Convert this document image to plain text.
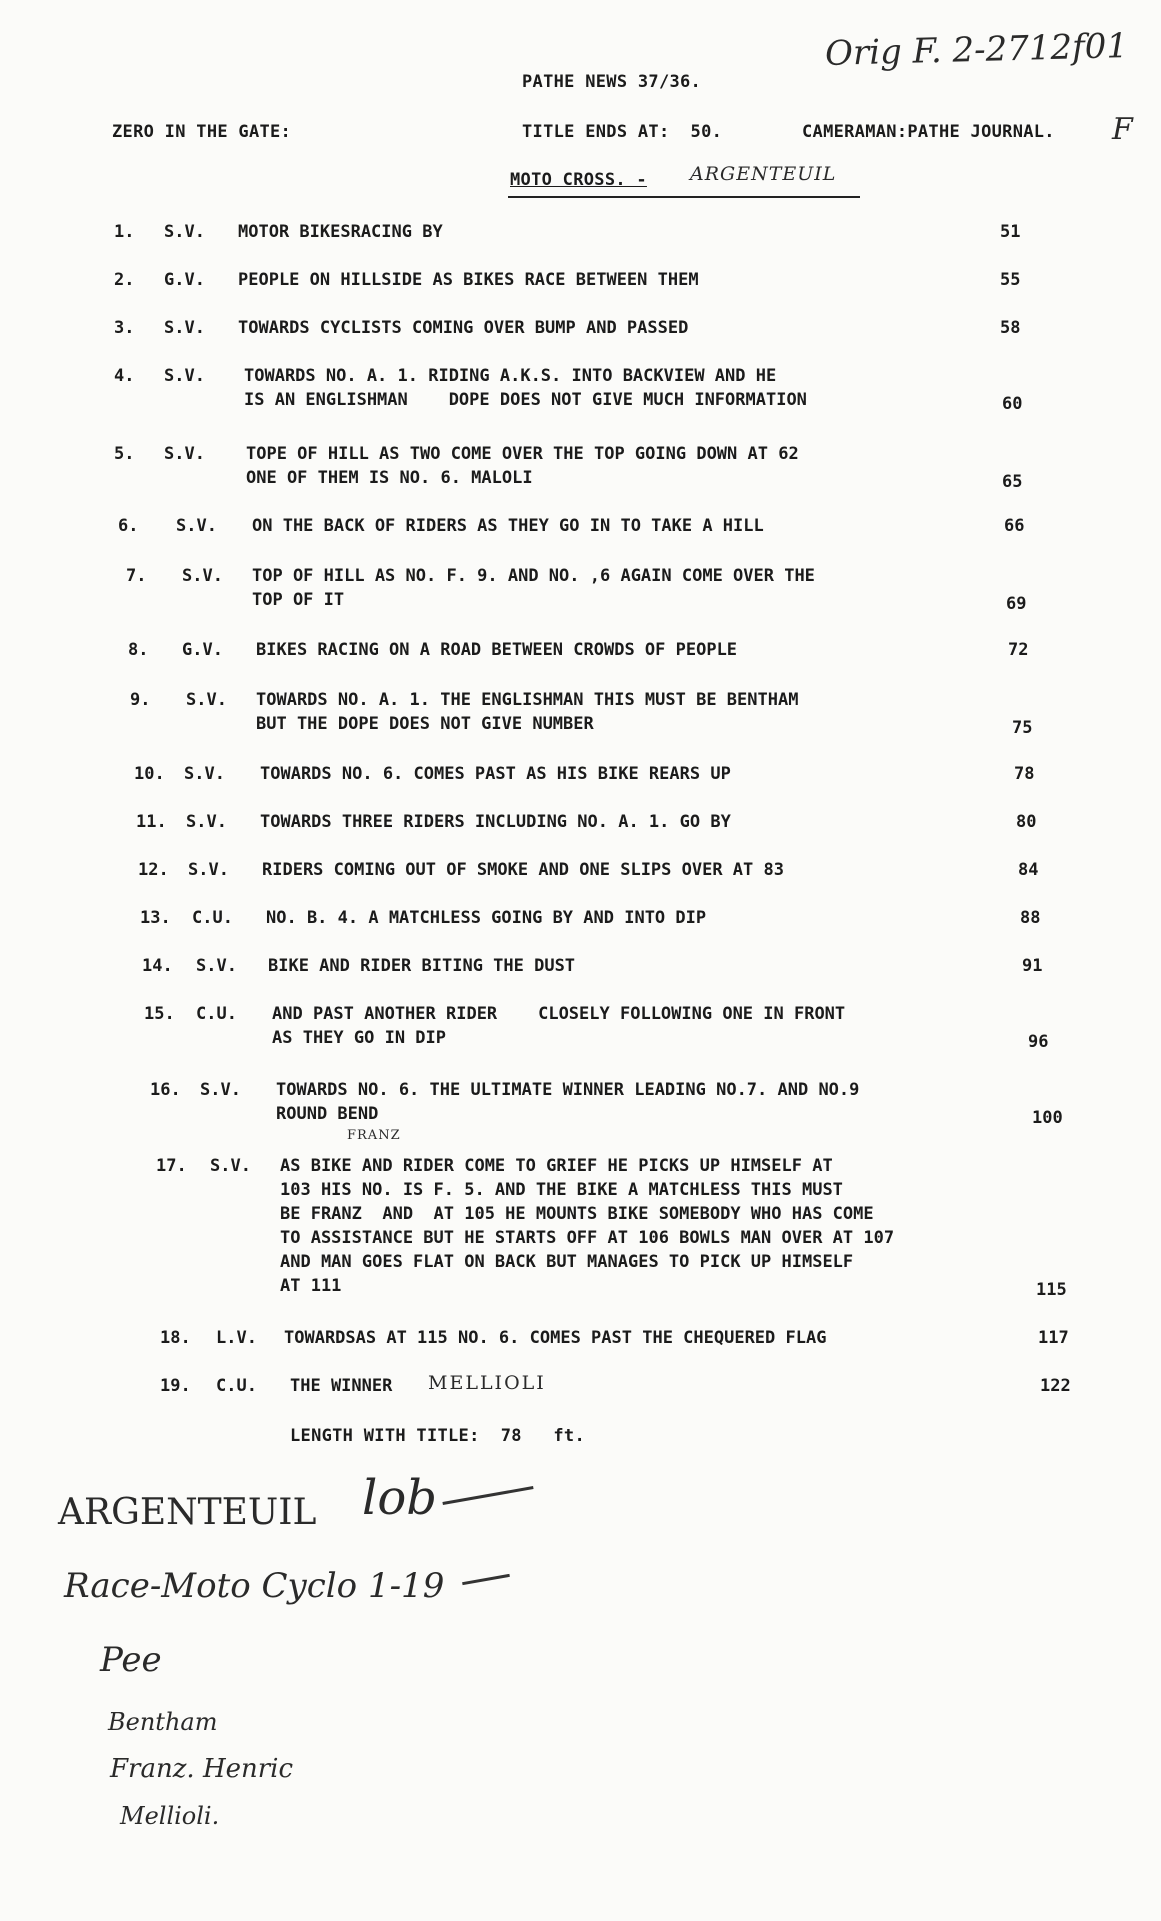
Orig F. 2-2712f01
PATHE NEWS 37/36.
ZERO IN THE GATE:	TITLE ENDS AT:  50.	CAMERAMAN:PATHE JOURNAL. F
MOTO CROSS. - ARGENTEUIL
1. S.V. MOTOR BIKESRACING BY	51
2. G.V. PEOPLE ON HILLSIDE AS BIKES RACE BETWEEN THEM	55
3. S.V. TOWARDS CYCLISTS COMING OVER BUMP AND PASSED	58
4. S.V. TOWARDS NO. A. 1. RIDING A.K.S. INTO BACKVIEW AND HE
IS AN ENGLISHMAN    DOPE DOES NOT GIVE MUCH INFORMATION	60
5. S.V. TOPE OF HILL AS TWO COME OVER THE TOP GOING DOWN AT 62
ONE OF THEM IS NO. 6. MALOLI	65
6. S.V. ON THE BACK OF RIDERS AS THEY GO IN TO TAKE A HILL	66
7. S.V. TOP OF HILL AS NO. F. 9. AND NO. ,6 AGAIN COME OVER THE
TOP OF IT	69
8. G.V. BIKES RACING ON A ROAD BETWEEN CROWDS OF PEOPLE	72
9. S.V. TOWARDS NO. A. 1. THE ENGLISHMAN THIS MUST BE BENTHAM
BUT THE DOPE DOES NOT GIVE NUMBER	75
10. S.V. TOWARDS NO. 6. COMES PAST AS HIS BIKE REARS UP	78
11. S.V. TOWARDS THREE RIDERS INCLUDING NO. A. 1. GO BY	80
12. S.V. RIDERS COMING OUT OF SMOKE AND ONE SLIPS OVER AT 83	84
13. C.U. NO. B. 4. A MATCHLESS GOING BY AND INTO DIP	88
14. S.V. BIKE AND RIDER BITING THE DUST	91
15. C.U. AND PAST ANOTHER RIDER    CLOSELY FOLLOWING ONE IN FRONT
AS THEY GO IN DIP	96
16. S.V. TOWARDS NO. 6. THE ULTIMATE WINNER LEADING NO.7. AND NO.9
ROUND BEND	100
17. S.V. AS BIKE AND RIDER COME TO GRIEF HE PICKS UP HIMSELF AT
103 HIS NO. IS F. 5. AND THE BIKE A MATCHLESS THIS MUST
BE FRANZ  AND  AT 105 HE MOUNTS BIKE SOMEBODY WHO HAS COME
TO ASSISTANCE BUT HE STARTS OFF AT 106 BOWLS MAN OVER AT 107
AND MAN GOES FLAT ON BACK BUT MANAGES TO PICK UP HIMSELF
AT 111	115
18. L.V. TOWARDSAS AT 115 NO. 6. COMES PAST THE CHEQUERED FLAG	117
19. C.U. THE WINNER	122
FRANZ
MELLIOLI
LENGTH WITH TITLE:  78   ft.
ARGENTEUIL lob
Race-Moto Cyclo 1-19
Pee
Bentham
Franz. Henric
Mellioli.
